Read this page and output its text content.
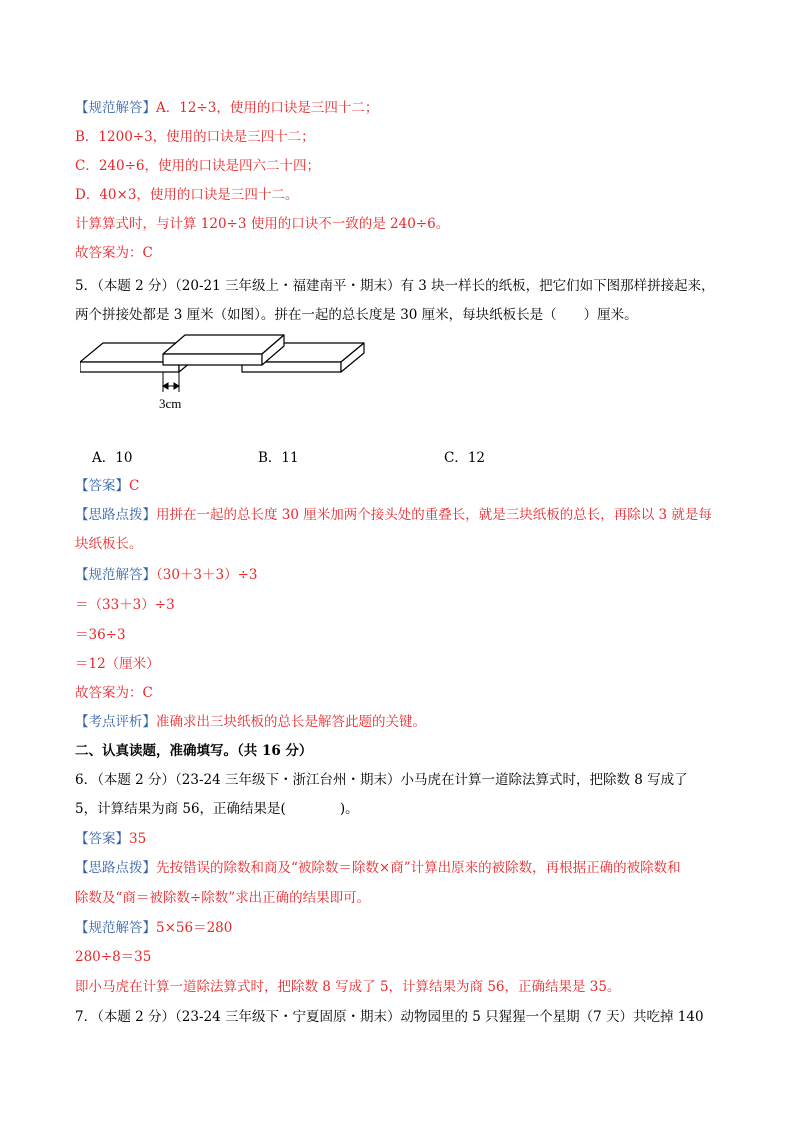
【规范解答】A．12÷3，使用的口诀是三四十二；
B．1200÷3，使用的口诀是三四十二；
C．240÷6，使用的口诀是四六二十四；
D．40×3，使用的口诀是三四十二。
计算算式时，与计算 120÷3 使用的口诀不一致的是 240÷6。
故答案为：C
5．（本题 2 分）（20-21 三年级上・福建南平・期末）有 3 块一样长的纸板，把它们如下图那样拼接起来，
两个拼接处都是 3 厘米（如图）。拼在一起的总长度是 30 厘米，每块纸板长是（　　）厘米。
3cm
A．10	B．11	C．12
【答案】C
【思路点拨】用拼在一起的总长度 30 厘米加两个接头处的重叠长，就是三块纸板的总长，再除以 3 就是每
块纸板长。
【规范解答】（30＋3＋3）÷3
＝（33＋3）÷3
＝36÷3
＝12（厘米）
故答案为：C
【考点评析】准确求出三块纸板的总长是解答此题的关键。
二、认真读题，准确填写。（共 16 分）
6．（本题 2 分）（23-24 三年级下・浙江台州・期末）小马虎在计算一道除法算式时，把除数 8 写成了
5，计算结果为商 56，正确结果是(　　　　)。
【答案】35
【思路点拨】先按错误的除数和商及“被除数＝除数×商”计算出原来的被除数，再根据正确的被除数和
除数及“商＝被除数÷除数”求出正确的结果即可。
【规范解答】5×56＝280
280÷8＝35
即小马虎在计算一道除法算式时，把除数 8 写成了 5，计算结果为商 56，正确结果是 35。
7．（本题 2 分）（23-24 三年级下・宁夏固原・期末）动物园里的 5 只猩猩一个星期（7 天）共吃掉 140
